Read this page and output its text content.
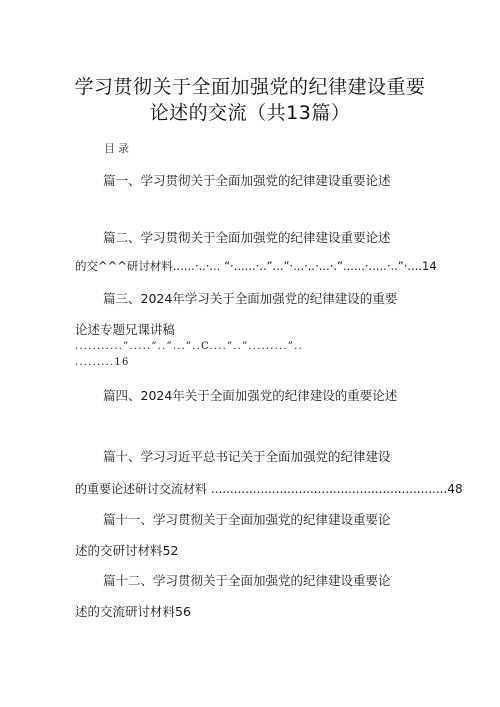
学习贯彻关于全面加强党的纪律建设重要
论述的交流（共13篇）
目录
篇一、学习贯彻关于全面加强党的纪律建设重要论述
篇二、学习贯彻关于全面加强党的纪律建设重要论述
的交^^^研讨材料......·..·... “·......·..”...”·...·..·...·.”......·.....·..”·....14
篇三、2024年学习关于全面加强党的纪律建设的重要
论述专题兄课讲稿
...........”.....”..”...”..C....”..”.........”..
.........16
篇四、2024年关于全面加强党的纪律建设的重要论述
篇十、学习习近平总书记关于全面加强党的纪律建设
的重要论述研讨交流材料 ..............................................................48
篇十一、学习贯彻关于全面加强党的纪律建设重要论
述的交研讨材料52
篇十二、学习贯彻关于全面加强党的纪律建设重要论
述的交流研讨材料56
